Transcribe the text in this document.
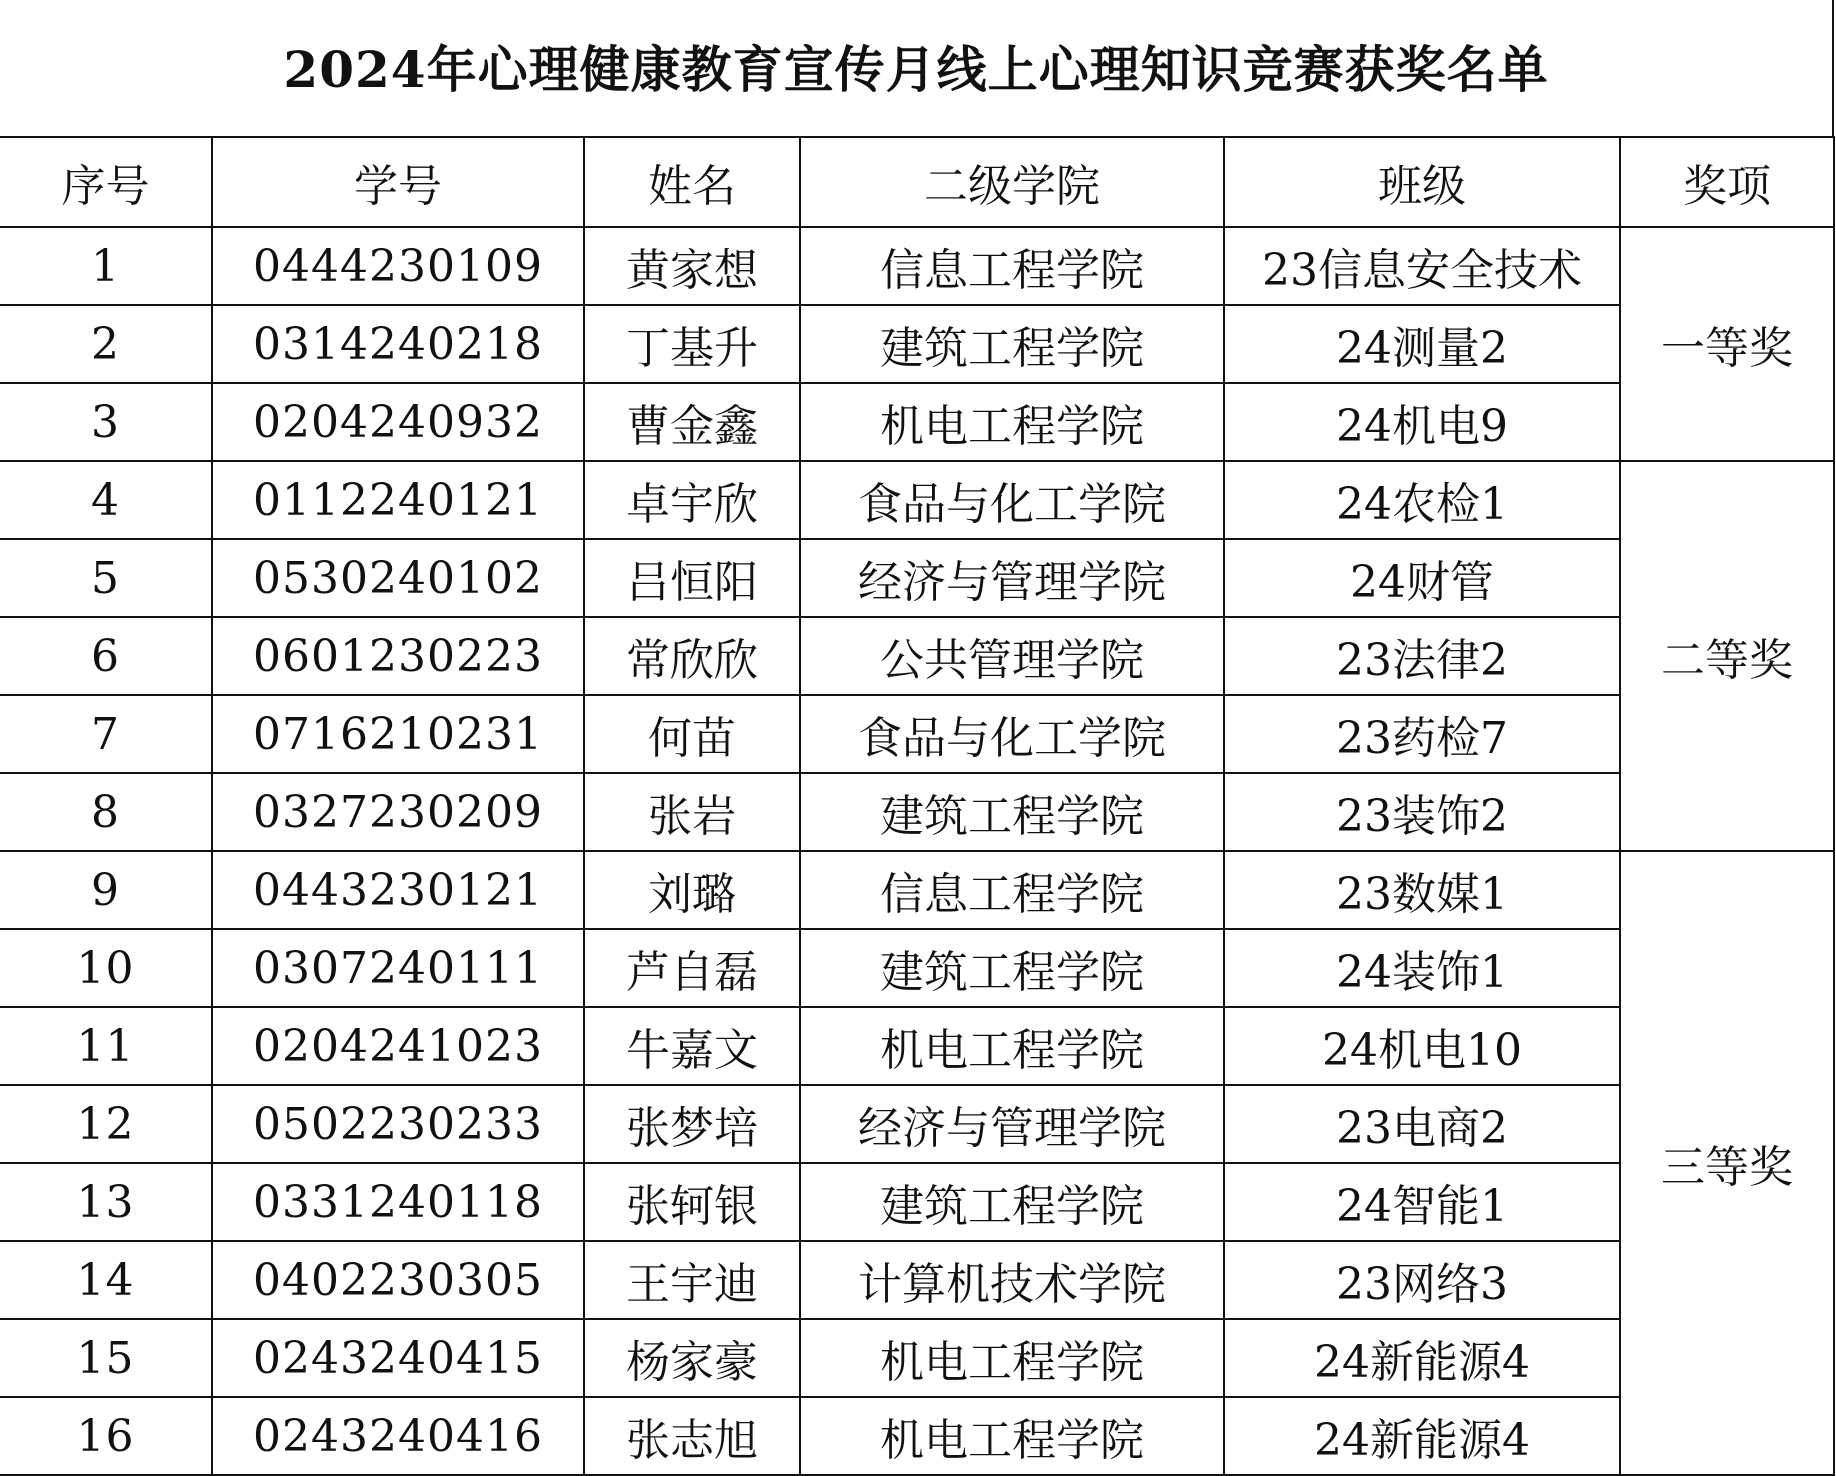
2024年心理健康教育宣传月线上心理知识竞赛获奖名单
序号	学号	姓名	二级学院	班级	奖项
1	0444230109	黄家想	信息工程学院	23信息安全技术	一等奖
2	0314240218	丁基升	建筑工程学院	24测量2	
3	0204240932	曹金鑫	机电工程学院	24机电9	
4	0112240121	卓宇欣	食品与化工学院	24农检1	二等奖
5	0530240102	吕恒阳	经济与管理学院	24财管	
6	0601230223	常欣欣	公共管理学院	23法律2	
7	0716210231	何苗	食品与化工学院	23药检7	
8	0327230209	张岩	建筑工程学院	23装饰2	
9	0443230121	刘璐	信息工程学院	23数媒1	三等奖
10	0307240111	芦自磊	建筑工程学院	24装饰1	
11	0204241023	牛嘉文	机电工程学院	24机电10	
12	0502230233	张梦培	经济与管理学院	23电商2	
13	0331240118	张轲银	建筑工程学院	24智能1	
14	0402230305	王宇迪	计算机技术学院	23网络3	
15	0243240415	杨家豪	机电工程学院	24新能源4	
16	0243240416	张志旭	机电工程学院	24新能源4	
